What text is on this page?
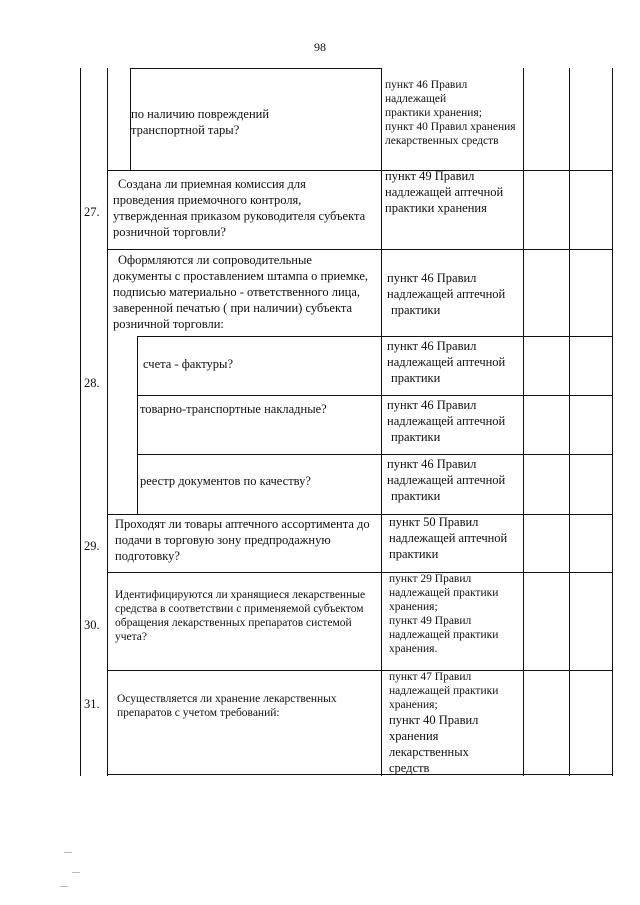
98
по наличию повреждений
транспортной тары?
пункт 46 Правил
надлежащей
практики хранения;
пункт 40 Правил хранения
лекарственных средств
27.
Создана ли приемная комиссия для
проведения приемочного контроля,
утвержденная приказом руководителя субъекта
розничной торговли?
пункт 49 Правил
надлежащей аптечной
практики хранения
28.
Оформляются ли сопроводительные
документы с проставлением штампа о приемке,
подписью материально - ответственного лица,
заверенной печатью ( при наличии) субъекта
розничной торговли:
пункт 46 Правил
надлежащей аптечной
практики
счета - фактуры?
пункт 46 Правил
надлежащей аптечной
практики
товарно-транспортные накладные?	пункт 46 Правил
надлежащей аптечной
практики
реестр документов по качеству?
пункт 46 Правил
надлежащей аптечной
практики
29.
Проходят ли товары аптечного ассортимента до
подачи в торговую зону предпродажную
подготовку?
пункт 50 Правил
надлежащей аптечной
практики
30.
Идентифицируются ли хранящиеся лекарственные
средства в соответствии с применяемой субъектом
обращения лекарственных препаратов системой
учета?
пункт 29 Правил
надлежащей практики
хранения;
пункт 49 Правил
надлежащей практики
хранения.
31. Осуществляется ли хранение лекарственных
препаратов с учетом требований:
пункт 47 Правил
надлежащей практики
хранения;
пункт 40 Правил
хранения
лекарственных
средств
